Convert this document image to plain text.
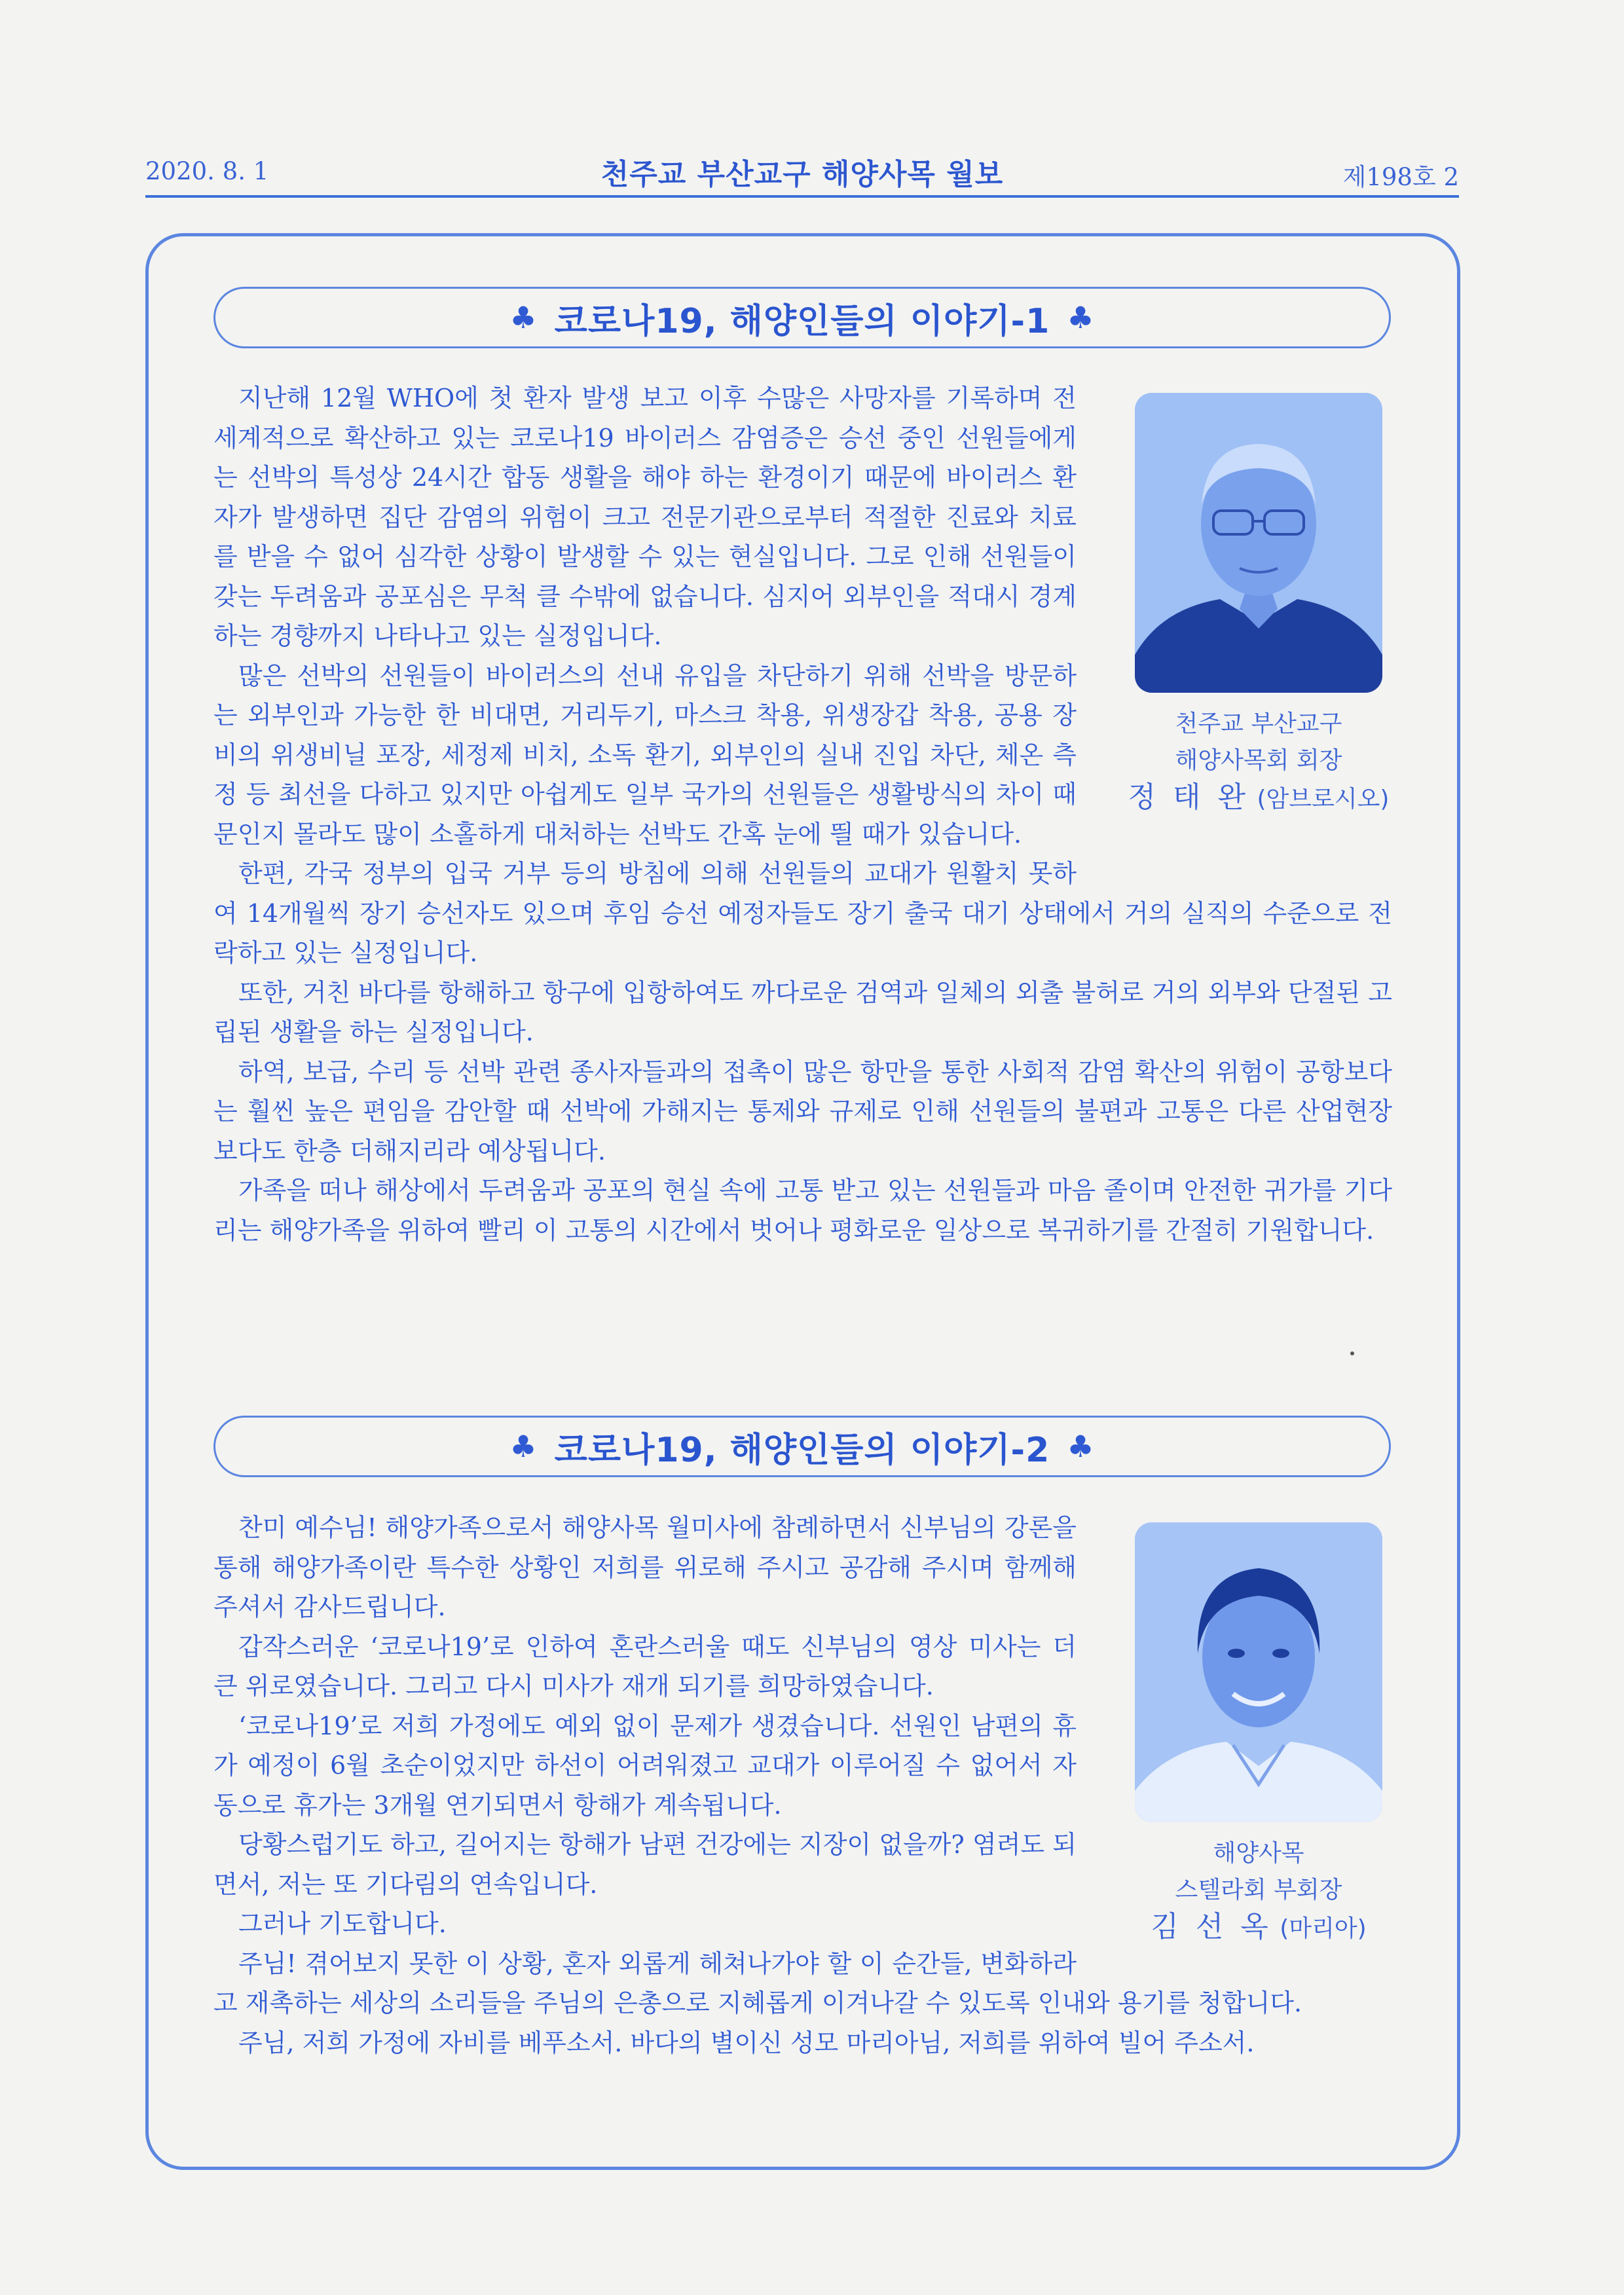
2020. 8. 1	천주교 부산교구 해양사목 월보	제198호 2
♣ 코로나19, 해양인들의 이야기-1 ♣
천주교 부산교구
해양사목회 회장
정 태 완 (암브로시오)

지난해 12월 WHO에 첫 환자 발생 보고 이후 수많은 사망자를 기록하며 전 세계적으로 확산하고 있는 코로나19 바이러스 감염증은 승선 중인 선원들에게는 선박의 특성상 24시간 합동 생활을 해야 하는 환경이기 때문에 바이러스 환자가 발생하면 집단 감염의 위험이 크고 전문기관으로부터 적절한 진료와 치료를 받을 수 없어 심각한 상황이 발생할 수 있는 현실입니다. 그로 인해 선원들이 갖는 두려움과 공포심은 무척 클 수밖에 없습니다. 심지어 외부인을 적대시 경계하는 경향까지 나타나고 있는 실정입니다.

많은 선박의 선원들이 바이러스의 선내 유입을 차단하기 위해 선박을 방문하는 외부인과 가능한 한 비대면, 거리두기, 마스크 착용, 위생장갑 착용, 공용 장비의 위생비닐 포장, 세정제 비치, 소독 환기, 외부인의 실내 진입 차단, 체온 측정 등 최선을 다하고 있지만 아쉽게도 일부 국가의 선원들은 생활방식의 차이 때문인지 몰라도 많이 소홀하게 대처하는 선박도 간혹 눈에 띌 때가 있습니다.

한편, 각국 정부의 입국 거부 등의 방침에 의해 선원들의 교대가 원활치 못하여 14개월씩 장기 승선자도 있으며 후임 승선 예정자들도 장기 출국 대기 상태에서 거의 실직의 수준으로 전락하고 있는 실정입니다.

또한, 거친 바다를 항해하고 항구에 입항하여도 까다로운 검역과 일체의 외출 불허로 거의 외부와 단절된 고립된 생활을 하는 실정입니다.

하역, 보급, 수리 등 선박 관련 종사자들과의 접촉이 많은 항만을 통한 사회적 감염 확산의 위험이 공항보다는 훨씬 높은 편임을 감안할 때 선박에 가해지는 통제와 규제로 인해 선원들의 불편과 고통은 다른 산업현장 보다도 한층 더해지리라 예상됩니다.

가족을 떠나 해상에서 두려움과 공포의 현실 속에 고통 받고 있는 선원들과 마음 졸이며 안전한 귀가를 기다리는 해양가족을 위하여 빨리 이 고통의 시간에서 벗어나 평화로운 일상으로 복귀하기를 간절히 기원합니다.

♣ 코로나19, 해양인들의 이야기-2 ♣
해양사목
스텔라회 부회장
김 선 옥 (마리아)

찬미 예수님! 해양가족으로서 해양사목 월미사에 참례하면서 신부님의 강론을 통해 해양가족이란 특수한 상황인 저희를 위로해 주시고 공감해 주시며 함께해 주셔서 감사드립니다.

갑작스러운 ‘코로나19’로 인하여 혼란스러울 때도 신부님의 영상 미사는 더 큰 위로였습니다. 그리고 다시 미사가 재개 되기를 희망하였습니다.

‘코로나19’로 저희 가정에도 예외 없이 문제가 생겼습니다. 선원인 남편의 휴가 예정이 6월 초순이었지만 하선이 어려워졌고 교대가 이루어질 수 없어서 자동으로 휴가는 3개월 연기되면서 항해가 계속됩니다.

당황스럽기도 하고, 길어지는 항해가 남편 건강에는 지장이 없을까? 염려도 되면서, 저는 또 기다림의 연속입니다.

그러나 기도합니다.

주님! 겪어보지 못한 이 상황, 혼자 외롭게 헤쳐나가야 할 이 순간들, 변화하라고 재촉하는 세상의 소리들을 주님의 은총으로 지혜롭게 이겨나갈 수 있도록 인내와 용기를 청합니다.

주님, 저희 가정에 자비를 베푸소서. 바다의 별이신 성모 마리아님, 저희를 위하여 빌어 주소서.
